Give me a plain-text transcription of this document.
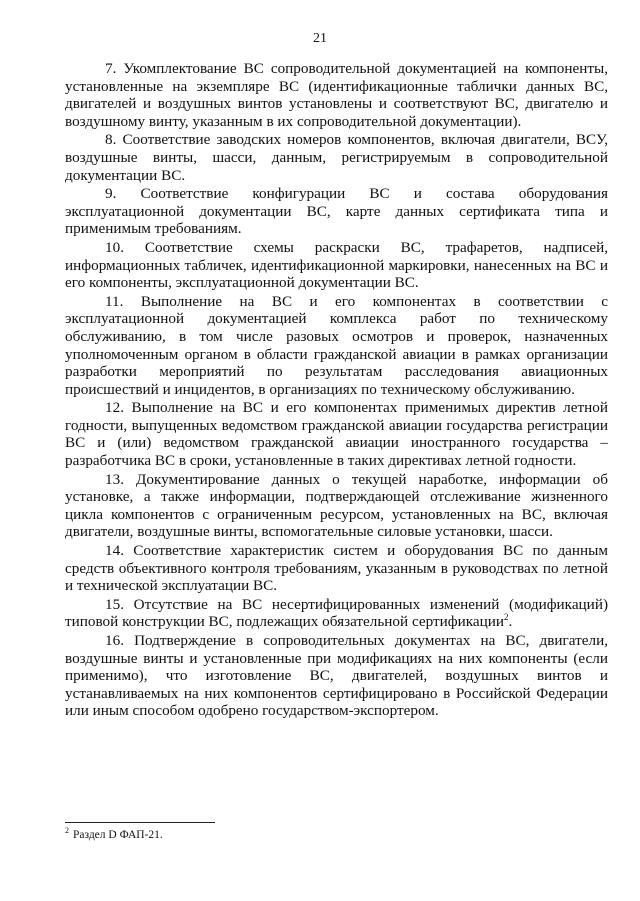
21

7. Укомплектование ВС сопроводительной документацией на компоненты, установленные на экземпляре ВС (идентификационные таблички данных ВС, двигателей и воздушных винтов установлены и соответствуют ВС, двигателю и воздушному винту, указанным в их сопроводительной документации).

8. Соответствие заводских номеров компонентов, включая двигатели, ВСУ, воздушные винты, шасси, данным, регистрируемым в сопроводительной документации ВС.

9. Соответствие конфигурации ВС и состава оборудования эксплуатационной документации ВС, карте данных сертификата типа и применимым требованиям.

10. Соответствие схемы раскраски ВС, трафаретов, надписей, информационных табличек, идентификационной маркировки, нанесенных на ВС и его компоненты, эксплуатационной документации ВС.

11. Выполнение на ВС и его компонентах в соответствии с эксплуатационной документацией комплекса работ по техническому обслуживанию, в том числе разовых осмотров и проверок, назначенных уполномоченным органом в области гражданской авиации в рамках организации разработки мероприятий по результатам расследования авиационных происшествий и инцидентов, в организациях по техническому обслуживанию.

12. Выполнение на ВС и его компонентах применимых директив летной годности, выпущенных ведомством гражданской авиации государства регистрации ВС и (или) ведомством гражданской авиации иностранного государства – разработчика ВС в сроки, установленные в таких директивах летной годности.

13. Документирование данных о текущей наработке, информации об установке, а также информации, подтверждающей отслеживание жизненного цикла компонентов с ограниченным ресурсом, установленных на ВС, включая двигатели, воздушные винты, вспомогательные силовые установки, шасси.

14. Соответствие характеристик систем и оборудования ВС по данным средств объективного контроля требованиям, указанным в руководствах по летной и технической эксплуатации ВС.

15. Отсутствие на ВС несертифицированных изменений (модификаций) типовой конструкции ВС, подлежащих обязательной сертификации$^2$.

16. Подтверждение в сопроводительных документах на ВС, двигатели, воздушные винты и установленные при модификациях на них компоненты (если применимо), что изготовление ВС, двигателей, воздушных винтов и устанавливаемых на них компонентов сертифицировано в Российской Федерации или иным способом одобрено государством-экспортером.

$^2$ Раздел D ФАП-21.
